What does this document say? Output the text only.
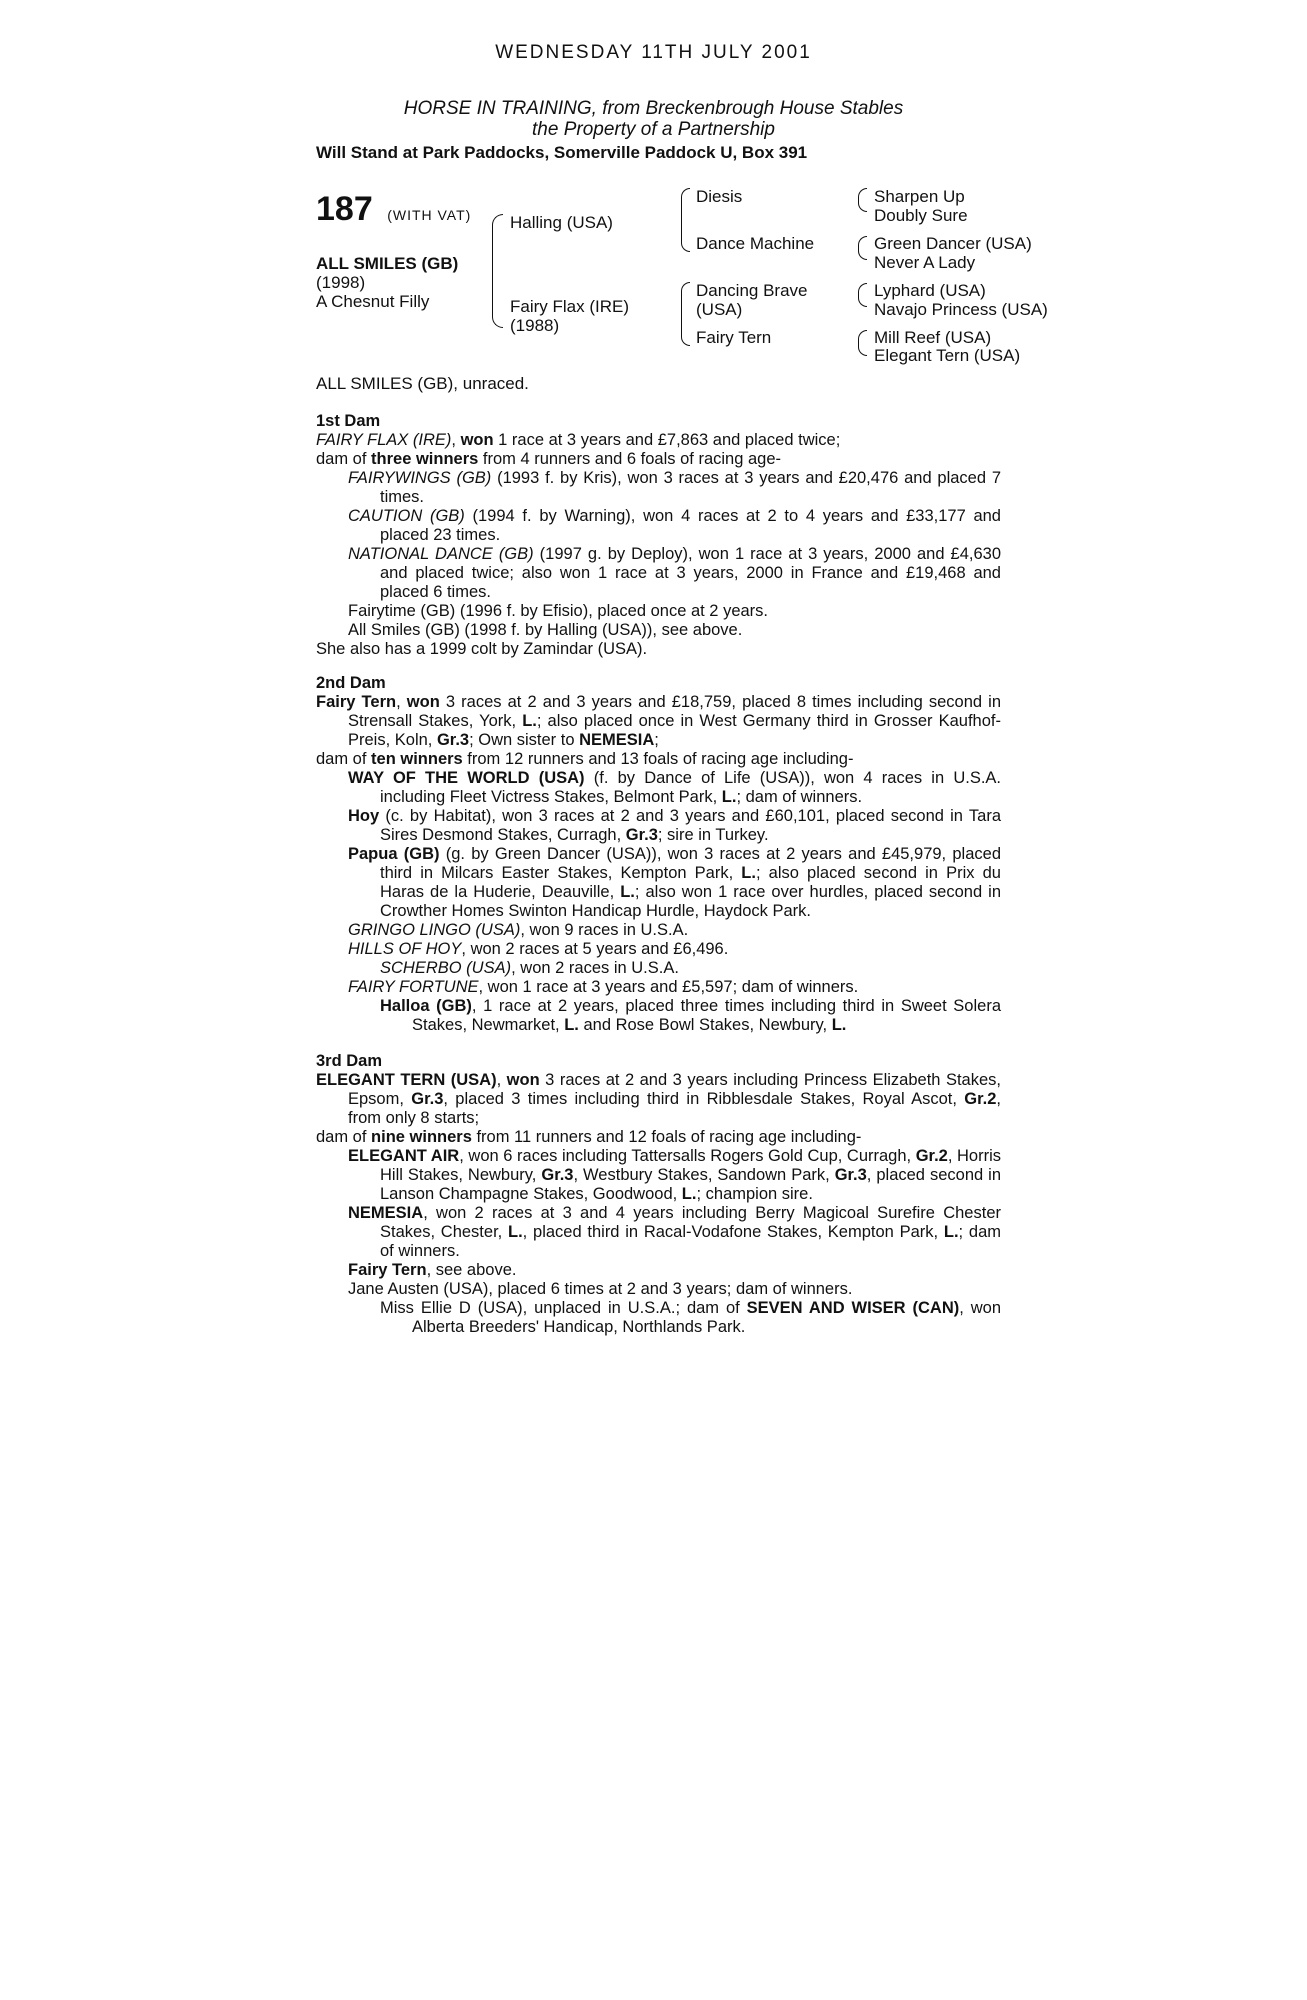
WEDNESDAY 11TH JULY 2001
HORSE IN TRAINING, from Breckenbrough House Stables
the Property of a Partnership
Will Stand at Park Paddocks, Somerville Paddock U, Box 391
187 (WITH VAT)
ALL SMILES (GB)
(1998)
A Chesnut Filly
Halling (USA)
Fairy Flax (IRE)
(1988)
Diesis
Dance Machine
Dancing Brave
(USA)
Fairy Tern
Sharpen Up
Doubly Sure
Green Dancer (USA)
Never A Lady
Lyphard (USA)
Navajo Princess (USA)
Mill Reef (USA)
Elegant Tern (USA)
ALL SMILES (GB), unraced.
1st Dam
FAIRY FLAX (IRE), won 1 race at 3 years and £7,863 and placed twice;
dam of three winners from 4 runners and 6 foals of racing age-
FAIRYWINGS (GB) (1993 f. by Kris), won 3 races at 3 years and £20,476 and placed 7 times.
CAUTION (GB) (1994 f. by Warning), won 4 races at 2 to 4 years and £33,177 and placed 23 times.
NATIONAL DANCE (GB) (1997 g. by Deploy), won 1 race at 3 years, 2000 and £4,630 and placed twice; also won 1 race at 3 years, 2000 in France and £19,468 and placed 6 times.
Fairytime (GB) (1996 f. by Efisio), placed once at 2 years.
All Smiles (GB) (1998 f. by Halling (USA)), see above.
She also has a 1999 colt by Zamindar (USA).
2nd Dam
Fairy Tern, won 3 races at 2 and 3 years and £18,759, placed 8 times including second in Strensall Stakes, York, L.; also placed once in West Germany third in Grosser Kaufhof-Preis, Koln, Gr.3; Own sister to NEMESIA;
dam of ten winners from 12 runners and 13 foals of racing age including-
WAY OF THE WORLD (USA) (f. by Dance of Life (USA)), won 4 races in U.S.A. including Fleet Victress Stakes, Belmont Park, L.; dam of winners.
Hoy (c. by Habitat), won 3 races at 2 and 3 years and £60,101, placed second in Tara Sires Desmond Stakes, Curragh, Gr.3; sire in Turkey.
Papua (GB) (g. by Green Dancer (USA)), won 3 races at 2 years and £45,979, placed third in Milcars Easter Stakes, Kempton Park, L.; also placed second in Prix du Haras de la Huderie, Deauville, L.; also won 1 race over hurdles, placed second in Crowther Homes Swinton Handicap Hurdle, Haydock Park.
GRINGO LINGO (USA), won 9 races in U.S.A.
HILLS OF HOY, won 2 races at 5 years and £6,496.
SCHERBO (USA), won 2 races in U.S.A.
FAIRY FORTUNE, won 1 race at 3 years and £5,597; dam of winners.
Halloa (GB), 1 race at 2 years, placed three times including third in Sweet Solera Stakes, Newmarket, L. and Rose Bowl Stakes, Newbury, L.
3rd Dam
ELEGANT TERN (USA), won 3 races at 2 and 3 years including Princess Elizabeth Stakes, Epsom, Gr.3, placed 3 times including third in Ribblesdale Stakes, Royal Ascot, Gr.2, from only 8 starts;
dam of nine winners from 11 runners and 12 foals of racing age including-
ELEGANT AIR, won 6 races including Tattersalls Rogers Gold Cup, Curragh, Gr.2, Horris Hill Stakes, Newbury, Gr.3, Westbury Stakes, Sandown Park, Gr.3, placed second in Lanson Champagne Stakes, Goodwood, L.; champion sire.
NEMESIA, won 2 races at 3 and 4 years including Berry Magicoal Surefire Chester Stakes, Chester, L., placed third in Racal-Vodafone Stakes, Kempton Park, L.; dam of winners.
Fairy Tern, see above.
Jane Austen (USA), placed 6 times at 2 and 3 years; dam of winners.
Miss Ellie D (USA), unplaced in U.S.A.; dam of SEVEN AND WISER (CAN), won Alberta Breeders' Handicap, Northlands Park.
